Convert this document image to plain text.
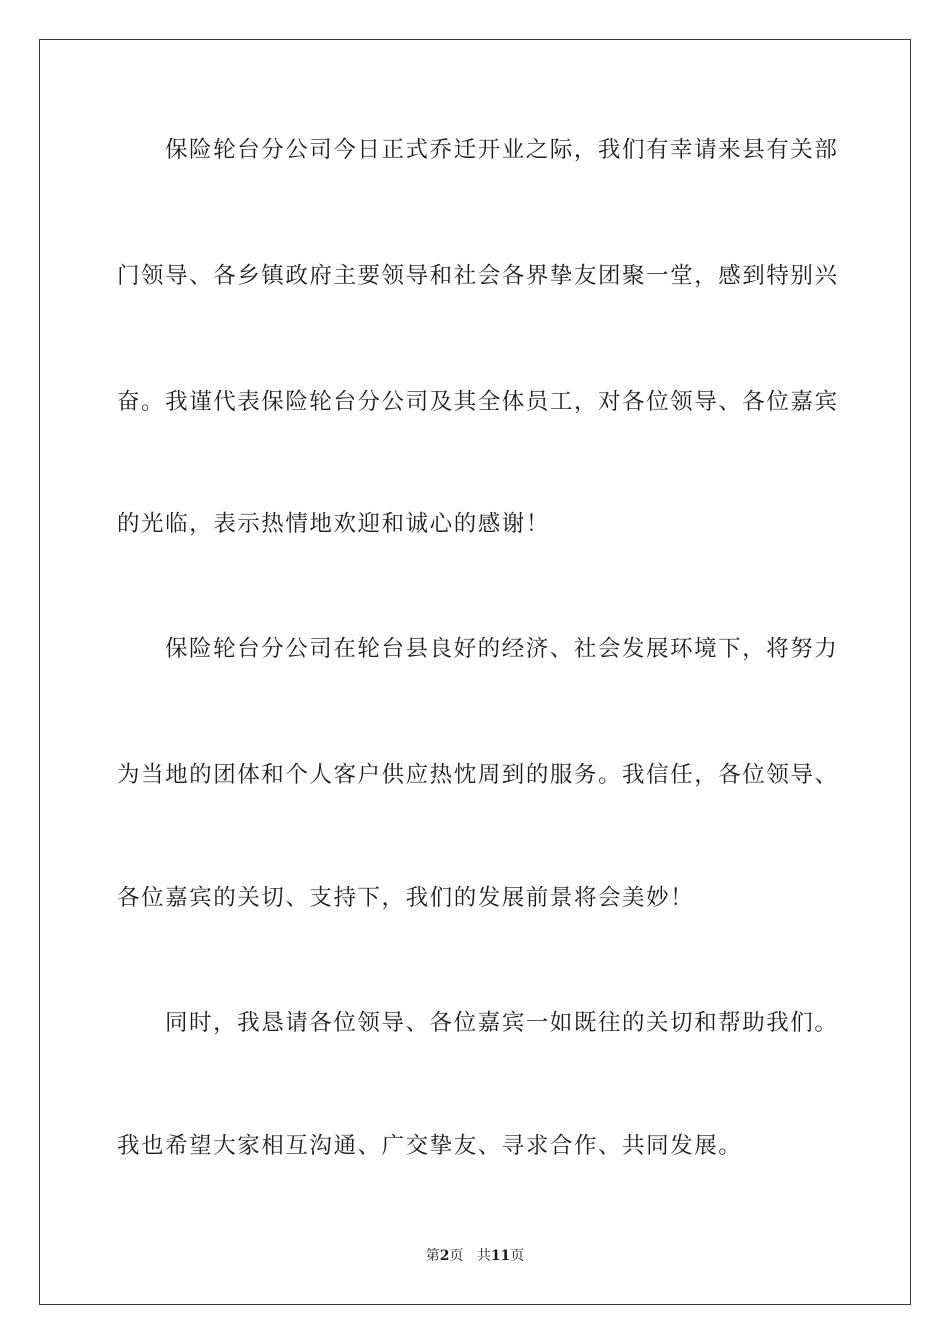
保险轮台分公司今日正式乔迁开业之际，我们有幸请来县有关部
门领导、各乡镇政府主要领导和社会各界挚友团聚一堂，感到特别兴
奋。我谨代表保险轮台分公司及其全体员工，对各位领导、各位嘉宾
的光临，表示热情地欢迎和诚心的感谢！
保险轮台分公司在轮台县良好的经济、社会发展环境下，将努力
为当地的团体和个人客户供应热忱周到的服务。我信任，各位领导、
各位嘉宾的关切、支持下，我们的发展前景将会美妙！
同时，我恳请各位领导、各位嘉宾一如既往的关切和帮助我们。
我也希望大家相互沟通、广交挚友、寻求合作、共同发展。
第2页 共11页
